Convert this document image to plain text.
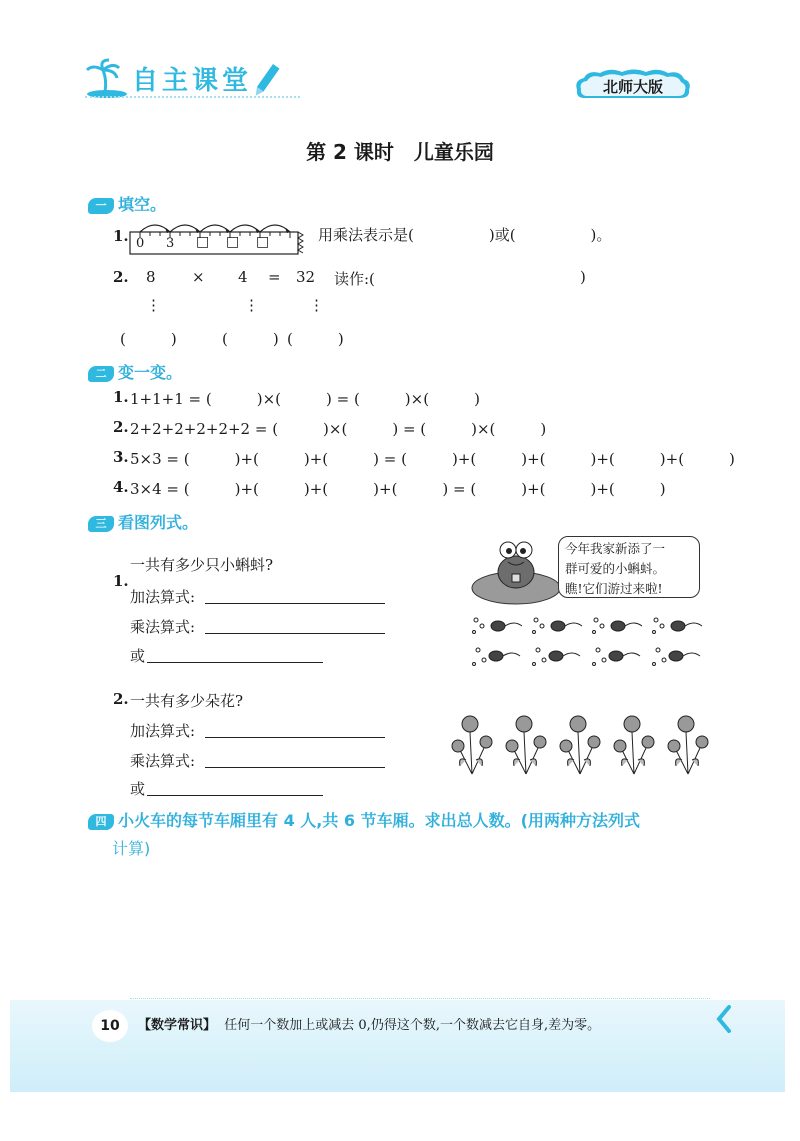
自主课堂	北师大版
第 2 课时　儿童乐园
一 填空。
1. 0 3 □ □ □	用乘法表示是(　　　　　)或(　　　　　)。
2. 8 × 4 = 32 读作:(	)
⋮	⋮	⋮
(　　　)	(　　　) (　　　)
二 变一变。
1. 1+1+1 = (　　　)×(　　　) = (　　　)×(　　　)
2. 2+2+2+2+2+2 = (　　　)×(　　　) = (　　　)×(　　　)
3. 5×3 = (　　　)+(　　　)+(　　　) = (　　　)+(　　　)+(　　　)+(　　　)+(　　　)
4. 3×4 = (　　　)+(　　　)+(　　　)+(　　　) = (　　　)+(　　　)+(　　　)
三 看图列式。
一共有多少只小蝌蚪?
1.
加法算式:
乘法算式:
或
今年我家新添了一
群可爱的小蝌蚪。
瞧!它们游过来啦!
2. 一共有多少朵花?
加法算式:
乘法算式:
或
四 小火车的每节车厢里有 4 人,共 6 节车厢。求出总人数。(用两种方法列式
计算)
10	【数学常识】 任何一个数加上或减去 0,仍得这个数,一个数减去它自身,差为零。
